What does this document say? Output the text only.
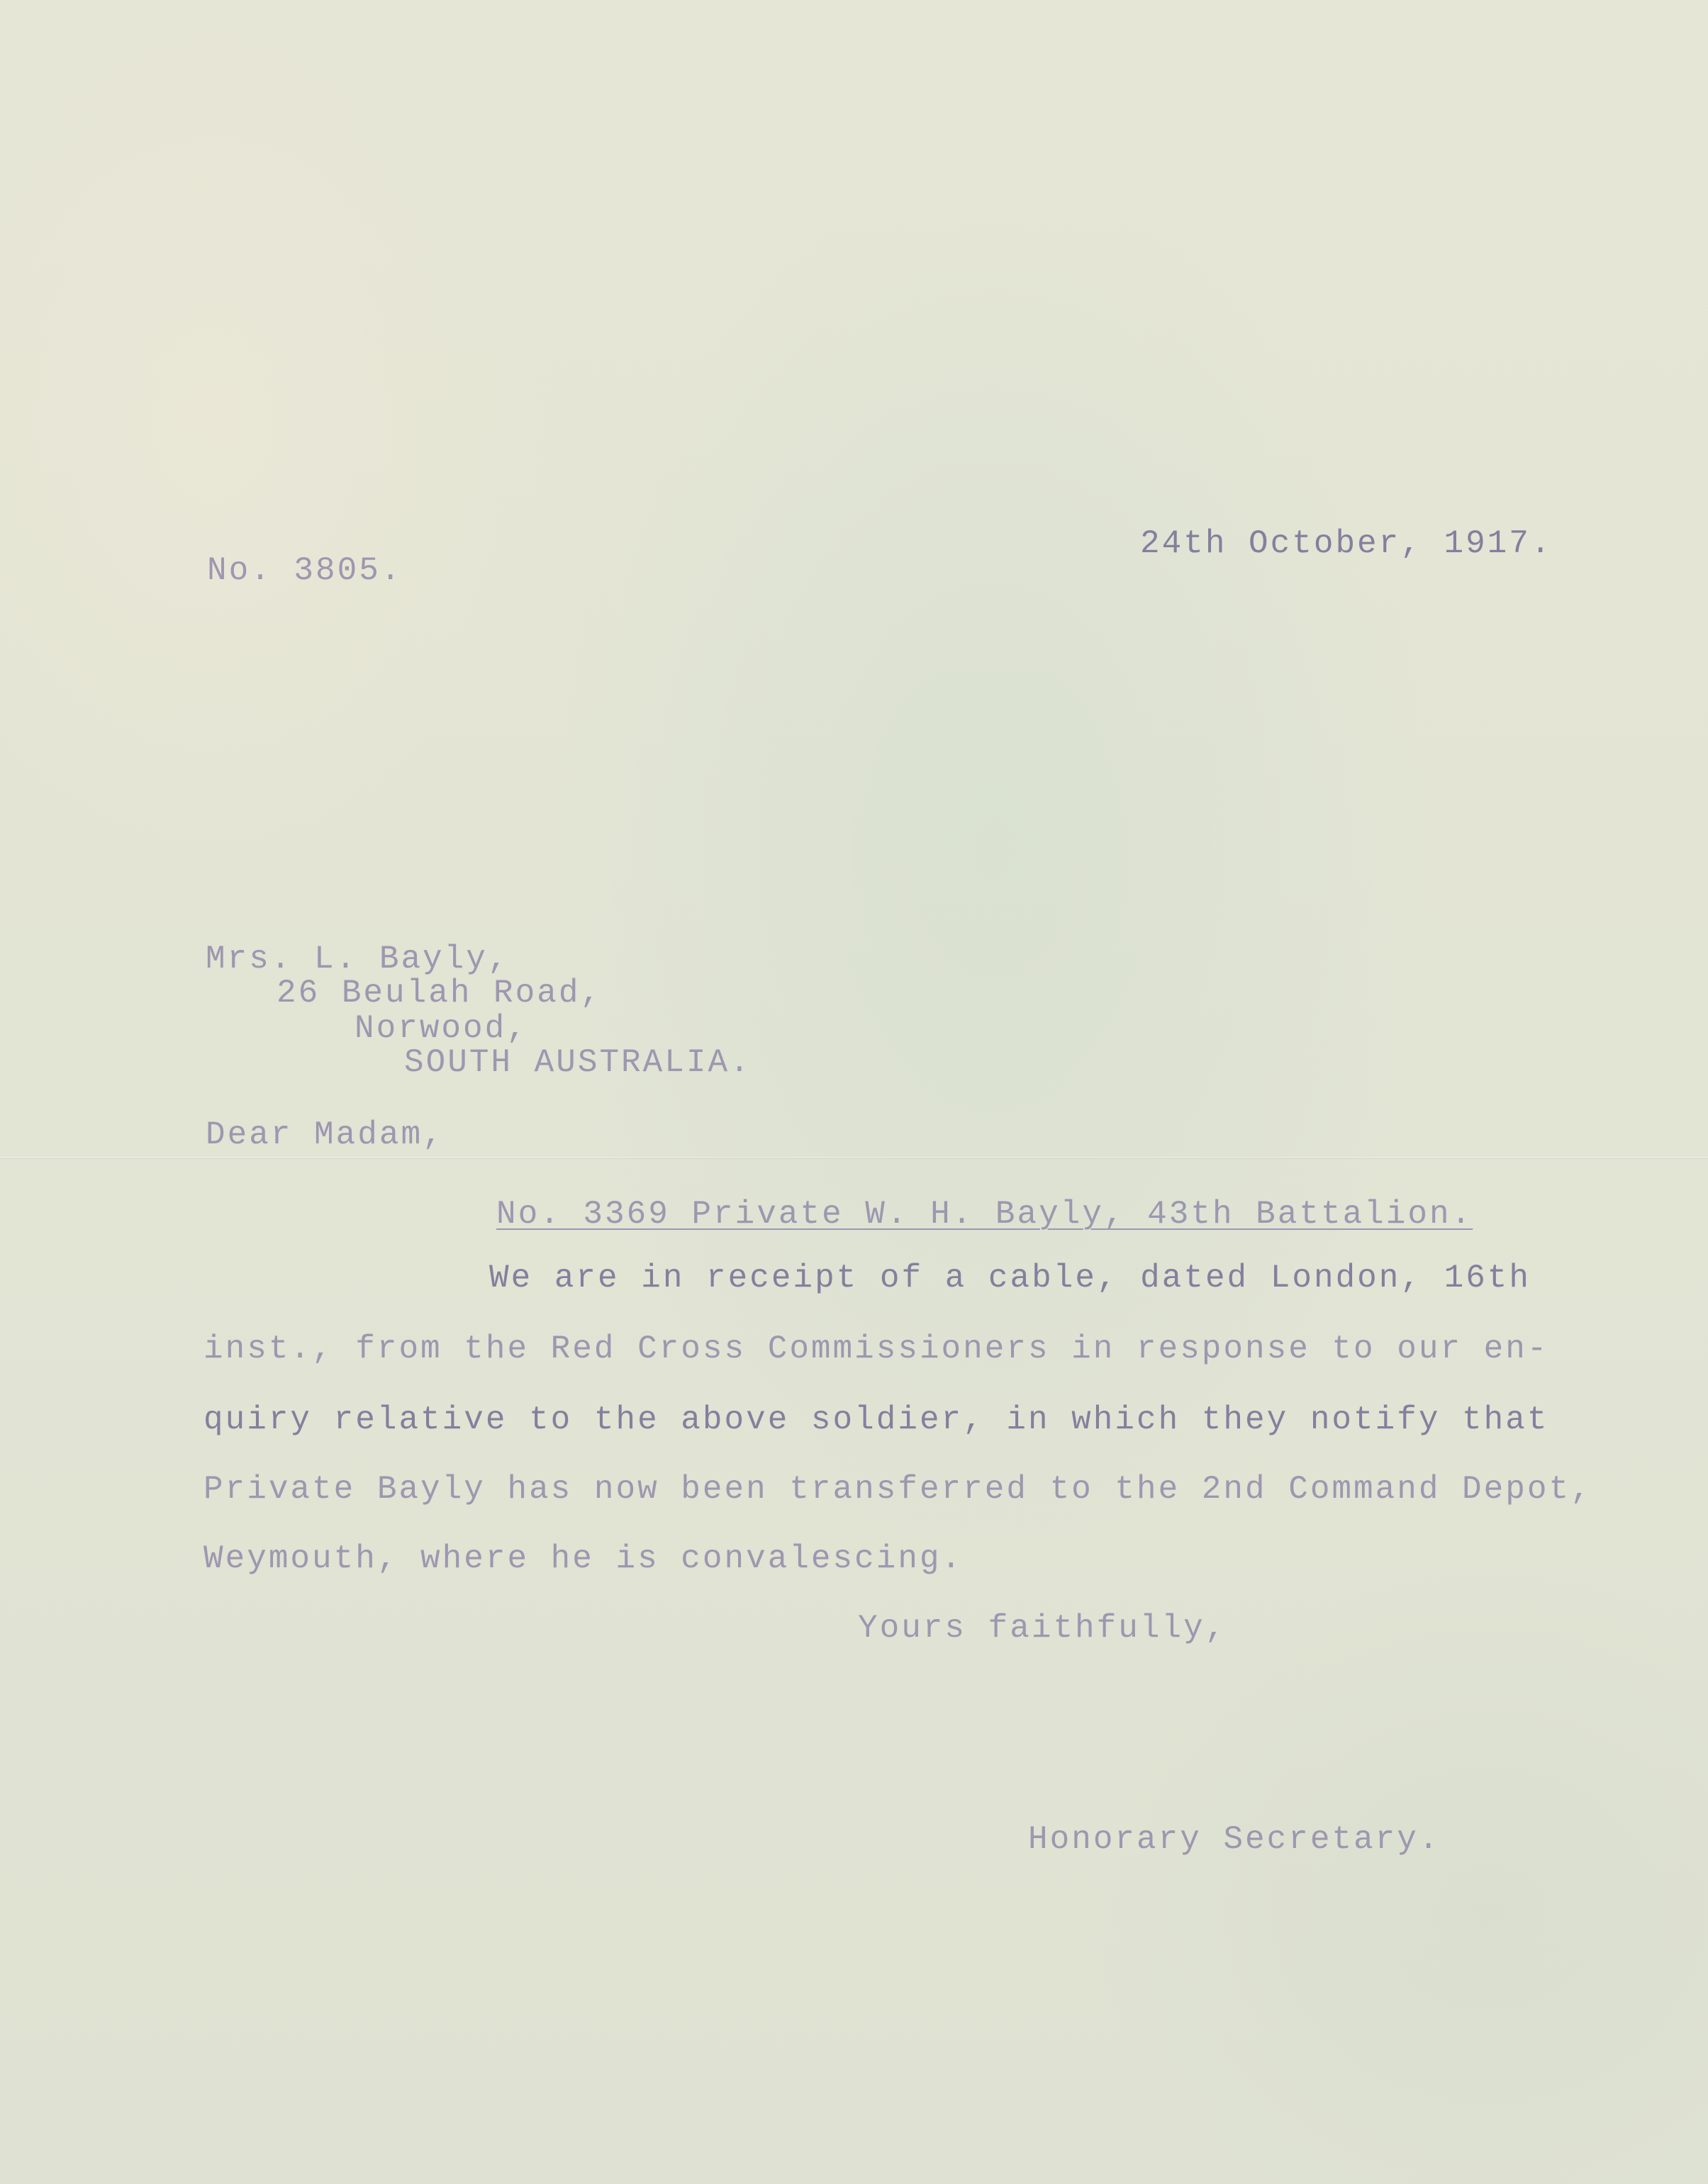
24th October, 1917.
No. 3805.
Mrs. L. Bayly,
26 Beulah Road,
Norwood,
SOUTH AUSTRALIA.
Dear Madam,
No. 3369 Private W. H. Bayly, 43th Battalion.
We are in receipt of a cable, dated London, 16th
inst., from the Red Cross Commissioners in response to our en-
quiry relative to the above soldier, in which they notify that
Private Bayly has now been transferred to the 2nd Command Depot,
Weymouth, where he is convalescing.
Yours faithfully,
Honorary Secretary.
